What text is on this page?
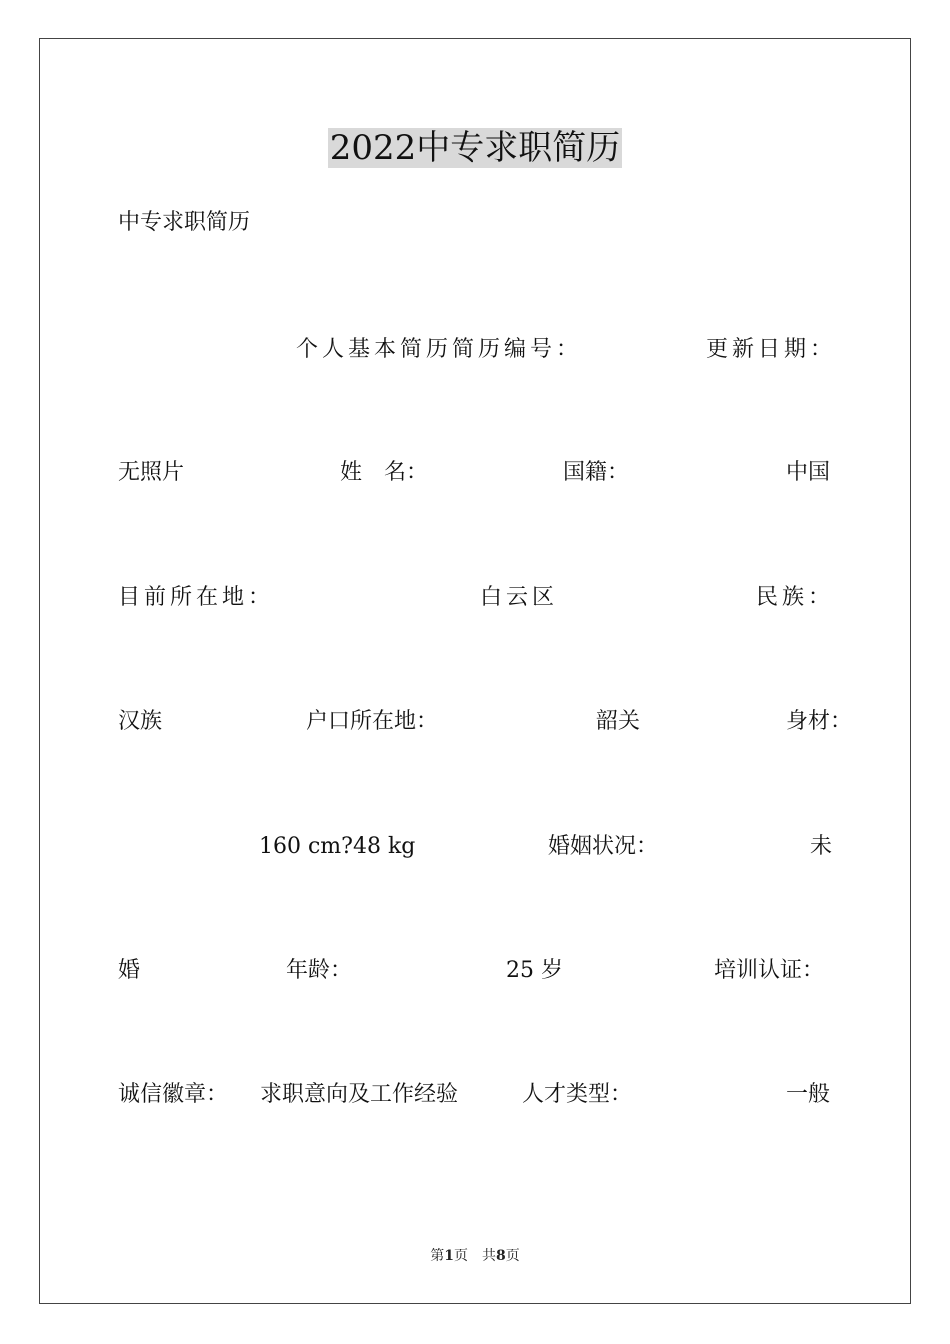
2022中专求职简历
中专求职简历
个人基本简历简历编号：	更新日期：
无照片	姓　名：	国籍：	中国
目前所在地：	白云区	民族：
汉族	户口所在地：	韶关	身材：
160 cm?48 kg	婚姻状况：	未
婚	年龄：	25 岁	培训认证：
诚信徽章： 求职意向及工作经验	人才类型：	一般
第1页　共8页
